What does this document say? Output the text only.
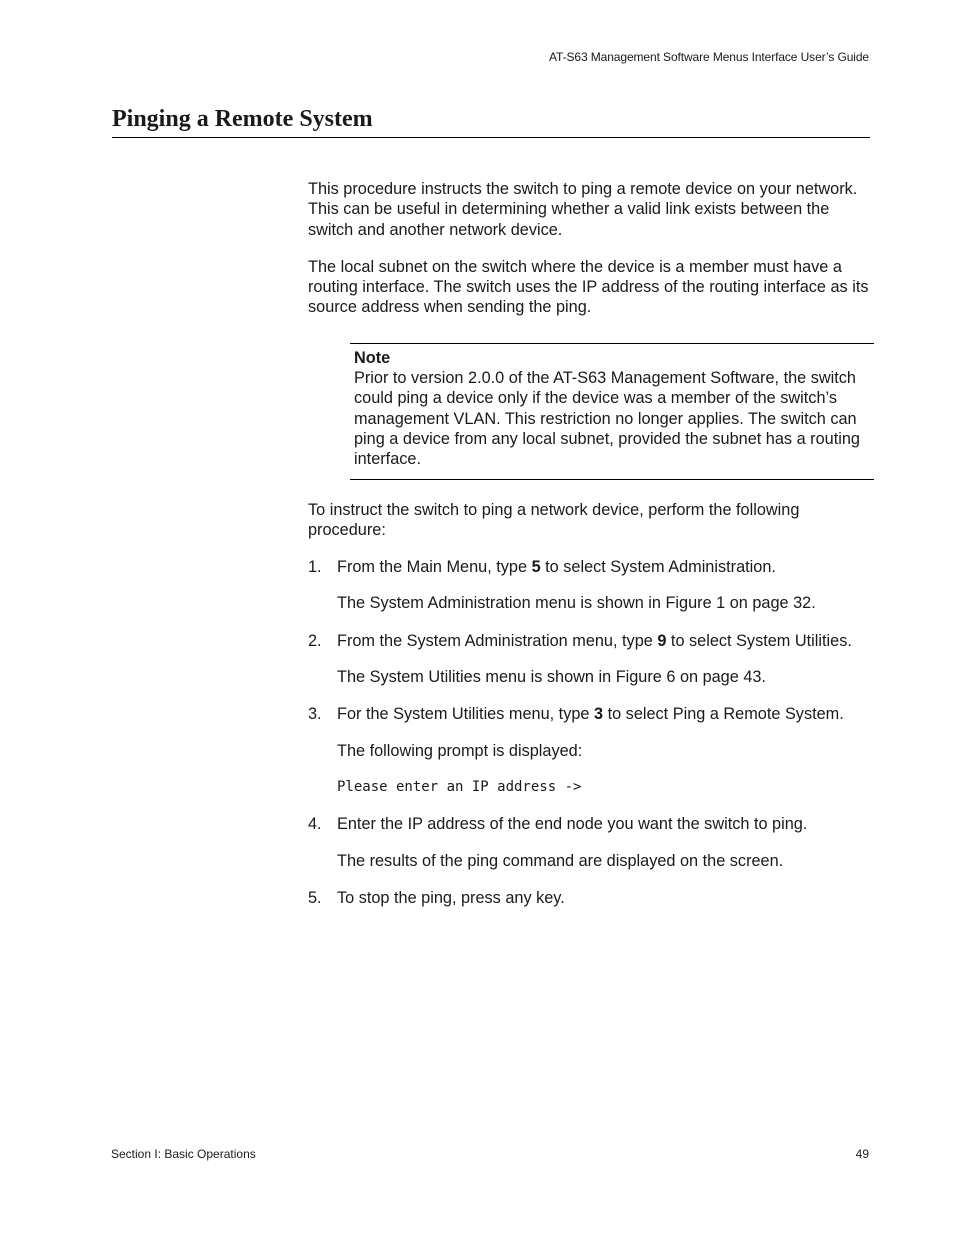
AT-S63 Management Software Menus Interface User’s Guide
Pinging a Remote System

This procedure instructs the switch to ping a remote device on your network. This can be useful in determining whether a valid link exists between the switch and another network device.

The local subnet on the switch where the device is a member must have a routing interface. The switch uses the IP address of the routing interface as its source address when sending the ping.

Note
Prior to version 2.0.0 of the AT-S63 Management Software, the switch could ping a device only if the device was a member of the switch’s management VLAN. This restriction no longer applies. The switch can ping a device from any local subnet, provided the subnet has a routing interface.

To instruct the switch to ping a network device, perform the following procedure:

1. From the Main Menu, type 5 to select System Administration.

The System Administration menu is shown in Figure 1 on page 32.

2. From the System Administration menu, type 9 to select System Utilities.

The System Utilities menu is shown in Figure 6 on page 43.

3. For the System Utilities menu, type 3 to select Ping a Remote System.

The following prompt is displayed:

Please enter an IP address ->

4. Enter the IP address of the end node you want the switch to ping.

The results of the ping command are displayed on the screen.

5. To stop the ping, press any key.

Section I: Basic Operations	49
